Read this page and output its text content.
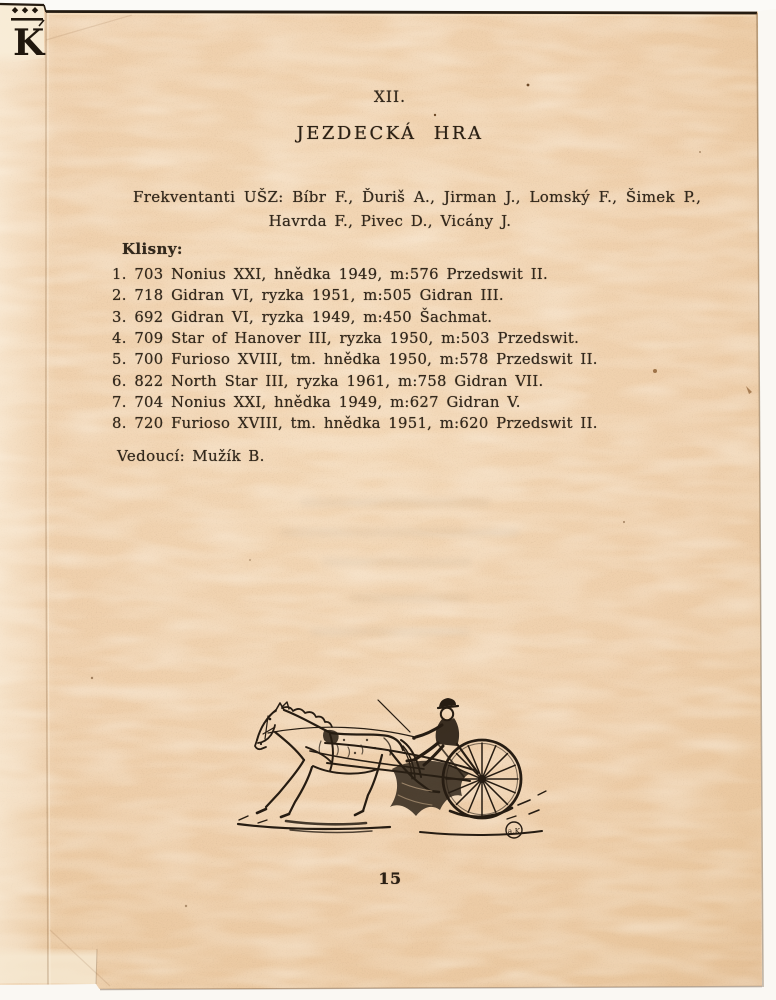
K
XII.
JEZDECKÁ HRA
Frekventanti UŠZ: Bíbr F., Ďuriš A., Jirman J., Lomský F., Šimek P.,
Havrda F., Pivec D., Vicány J.
Klisny:
1. 703 Nonius XXI, hnědka 1949, m:576 Przedswit II.
2. 718 Gidran VI, ryzka 1951, m:505 Gidran III.
3. 692 Gidran VI, ryzka 1949, m:450 Šachmat.
4. 709 Star of Hanover III, ryzka 1950, m:503 Przedswit.
5. 700 Furioso XVIII, tm. hnědka 1950, m:578 Przedswit II.
6. 822 North Star III, ryzka 1961, m:758 Gidran VII.
7. 704 Nonius XXI, hnědka 1949, m:627 Gidran V.
8. 720 Furioso XVIII, tm. hnědka 1951, m:620 Przedswit II.
Vedoucí: Mužík B.
15
a.K
